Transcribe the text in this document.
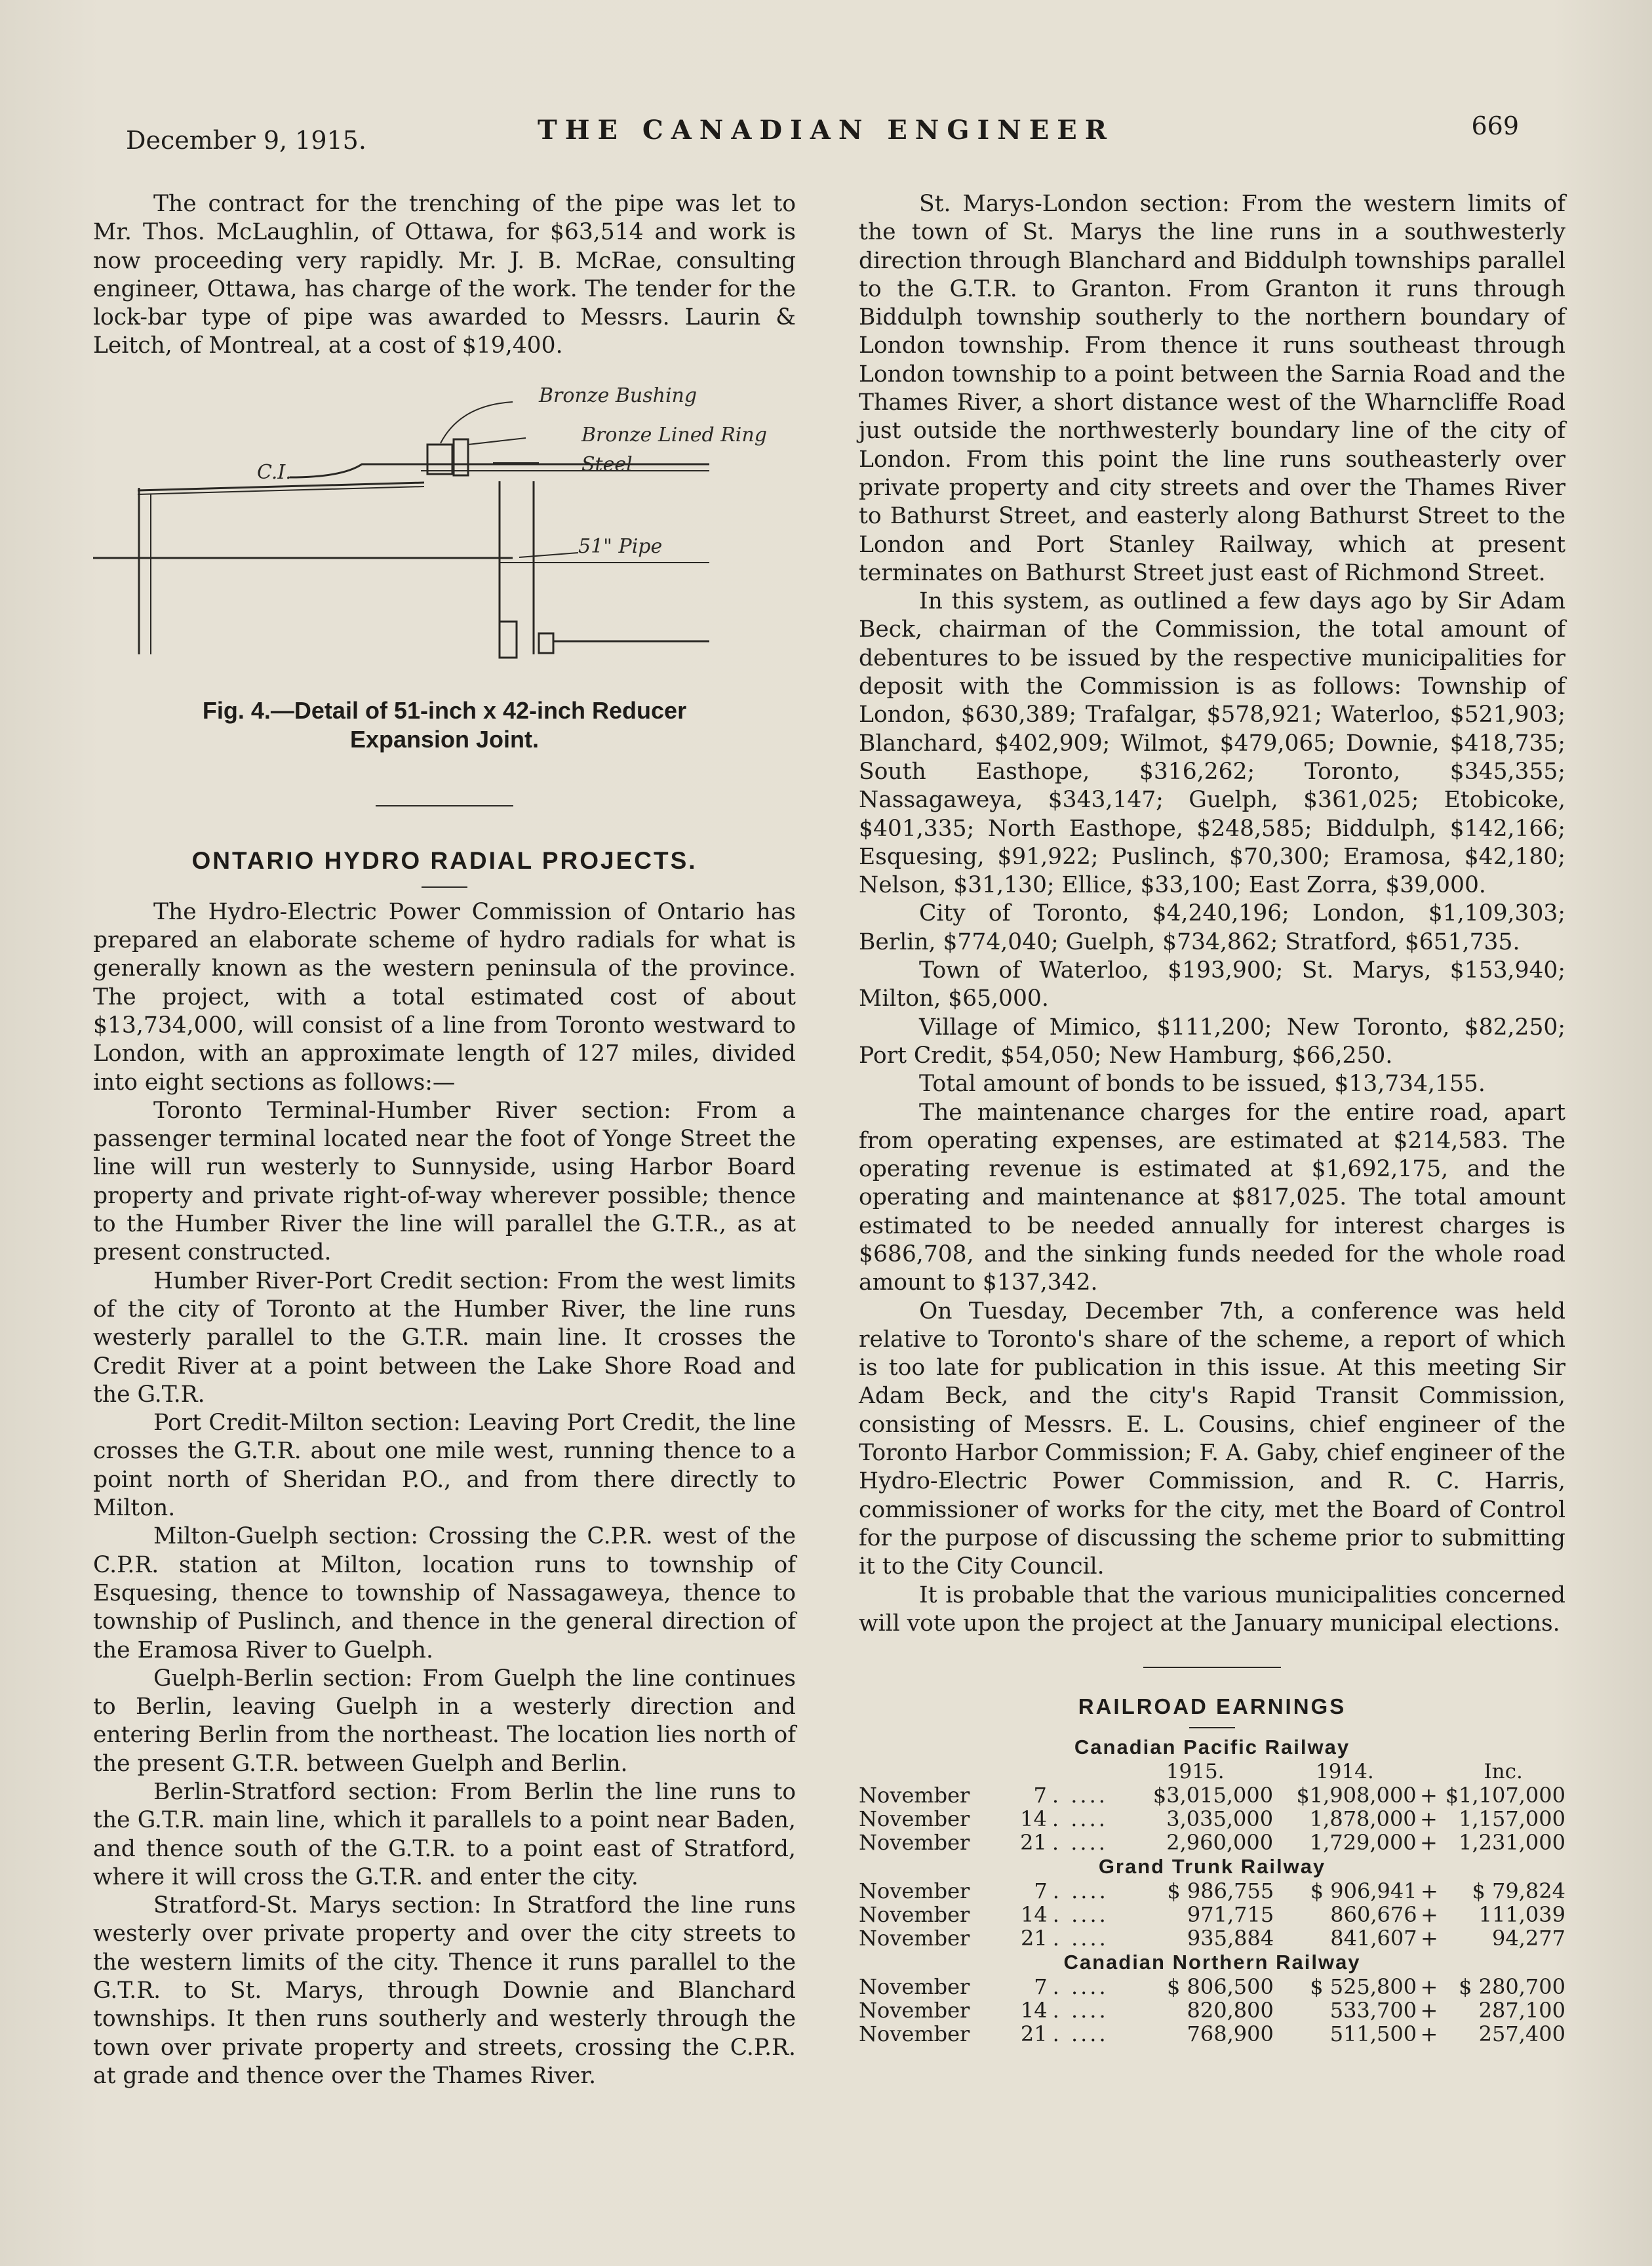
December 9, 1915.	THE CANADIAN ENGINEER	669

The contract for the trenching of the pipe was let to Mr. Thos. McLaughlin, of Ottawa, for $63,514 and work is now proceeding very rapidly. Mr. J. B. McRae, consulting engineer, Ottawa, has charge of the work. The tender for the lock-bar type of pipe was awarded to Messrs. Laurin & Leitch, of Montreal, at a cost of $19,400.

Bronze Bushing
Bronze Lined Ring
Steel
C.I.
51" Pipe
Fig. 4.—Detail of 51-inch x 42-inch Reducer
Expansion Joint.
ONTARIO HYDRO RADIAL PROJECTS.

The Hydro-Electric Power Commission of Ontario has prepared an elaborate scheme of hydro radials for what is generally known as the western peninsula of the province. The project, with a total estimated cost of about $13,734,000, will consist of a line from Toronto westward to London, with an approximate length of 127 miles, divided into eight sections as follows:—

Toronto Terminal-Humber River section: From a passenger terminal located near the foot of Yonge Street the line will run westerly to Sunnyside, using Harbor Board property and private right-of-way wherever possible; thence to the Humber River the line will parallel the G.T.R., as at present constructed.

Humber River-Port Credit section: From the west limits of the city of Toronto at the Humber River, the line runs westerly parallel to the G.T.R. main line. It crosses the Credit River at a point between the Lake Shore Road and the G.T.R.

Port Credit-Milton section: Leaving Port Credit, the line crosses the G.T.R. about one mile west, running thence to a point north of Sheridan P.O., and from there directly to Milton.

Milton-Guelph section: Crossing the C.P.R. west of the C.P.R. station at Milton, location runs to township of Esquesing, thence to township of Nassagaweya, thence to township of Puslinch, and thence in the general direction of the Eramosa River to Guelph.

Guelph-Berlin section: From Guelph the line continues to Berlin, leaving Guelph in a westerly direction and entering Berlin from the northeast. The location lies north of the present G.T.R. between Guelph and Berlin.

Berlin-Stratford section: From Berlin the line runs to the G.T.R. main line, which it parallels to a point near Baden, and thence south of the G.T.R. to a point east of Stratford, where it will cross the G.T.R. and enter the city.

Stratford-St. Marys section: In Stratford the line runs westerly over private property and over the city streets to the western limits of the city. Thence it runs parallel to the G.T.R. to St. Marys, through Downie and Blanchard townships. It then runs southerly and westerly through the town over private property and streets, crossing the C.P.R. at grade and thence over the Thames River.

St. Marys-London section: From the western limits of the town of St. Marys the line runs in a southwesterly direction through Blanchard and Biddulph townships parallel to the G.T.R. to Granton. From Granton it runs through Biddulph township southerly to the northern boundary of London township. From thence it runs southeast through London township to a point between the Sarnia Road and the Thames River, a short distance west of the Wharncliffe Road just outside the northwesterly boundary line of the city of London. From this point the line runs southeasterly over private property and city streets and over the Thames River to Bathurst Street, and easterly along Bathurst Street to the London and Port Stanley Railway, which at present terminates on Bathurst Street just east of Richmond Street.

In this system, as outlined a few days ago by Sir Adam Beck, chairman of the Commission, the total amount of debentures to be issued by the respective municipalities for deposit with the Commission is as follows: Township of London, $630,389; Trafalgar, $578,921; Waterloo, $521,903; Blanchard, $402,909; Wilmot, $479,065; Downie, $418,735; South Easthope, $316,262; Toronto, $345,355; Nassagaweya, $343,147; Guelph, $361,025; Etobicoke, $401,335; North Easthope, $248,585; Biddulph, $142,166; Esquesing, $91,922; Puslinch, $70,300; Eramosa, $42,180; Nelson, $31,130; Ellice, $33,100; East Zorra, $39,000.

City of Toronto, $4,240,196; London, $1,109,303; Berlin, $774,040; Guelph, $734,862; Stratford, $651,735.

Town of Waterloo, $193,900; St. Marys, $153,940; Milton, $65,000.

Village of Mimico, $111,200; New Toronto, $82,250; Port Credit, $54,050; New Hamburg, $66,250.

Total amount of bonds to be issued, $13,734,155.

The maintenance charges for the entire road, apart from operating expenses, are estimated at $214,583. The operating revenue is estimated at $1,692,175, and the operating and maintenance at $817,025. The total amount estimated to be needed annually for interest charges is $686,708, and the sinking funds needed for the whole road amount to $137,342.

On Tuesday, December 7th, a conference was held relative to Toronto's share of the scheme, a report of which is too late for publication in this issue. At this meeting Sir Adam Beck, and the city's Rapid Transit Commission, consisting of Messrs. E. L. Cousins, chief engineer of the Toronto Harbor Commission; F. A. Gaby, chief engineer of the Hydro-Electric Power Commission, and R. C. Harris, commissioner of works for the city, met the Board of Control for the purpose of discussing the scheme prior to submitting it to the City Council.

It is probable that the various municipalities concerned will vote upon the project at the January municipal elections.

RAILROAD EARNINGS
Canadian Pacific Railway
			1915.	1914.		Inc.
November	7	. ....	$3,015,000	$1,908,000	+	$1,107,000
November	14	. ....	3,035,000	1,878,000	+	1,157,000
November	21	. ....	2,960,000	1,729,000	+	1,231,000
Grand Trunk Railway
November	7	. ....	$ 986,755	$ 906,941	+	$ 79,824
November	14	. ....	971,715	860,676	+	111,039
November	21	. ....	935,884	841,607	+	94,277
Canadian Northern Railway
November	7	. ....	$ 806,500	$ 525,800	+	$ 280,700
November	14	. ....	820,800	533,700	+	287,100
November	21	. ....	768,900	511,500	+	257,400
